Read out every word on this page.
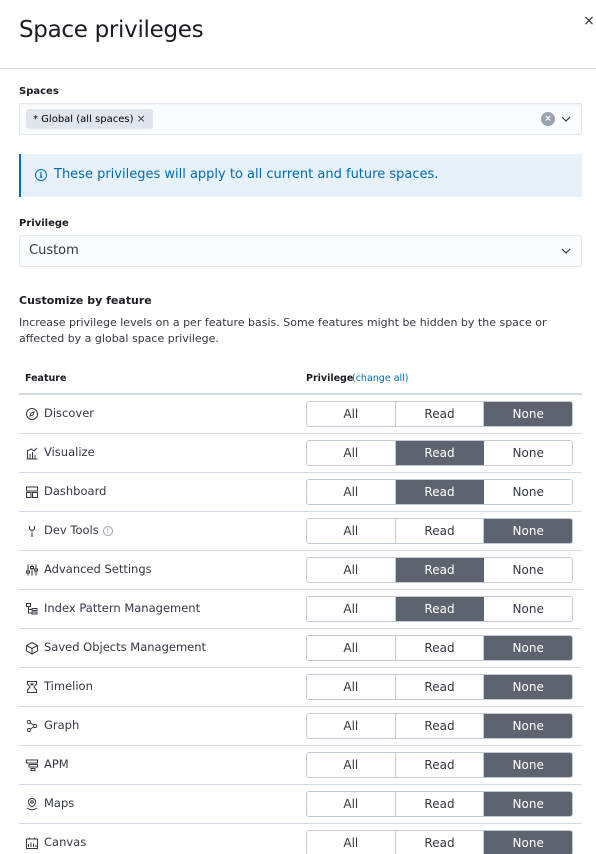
Space privileges	×
Spaces
* Global (all spaces) ×	×
i These privileges will apply to all current and future spaces.
Privilege
Custom
Customize by feature
Increase privilege levels on a per feature basis. Some features might be hidden by the space or affected by a global space privilege.
Feature	Privilege
(change all)
Discover	All	Read	None
Visualize	All	Read	None
Dashboard	All	Read	None
Dev Tools i	All	Read	None
Advanced Settings	All	Read	None
Index Pattern Management	All	Read	None
Saved Objects Management	All	Read	None
Timelion	All	Read	None
Graph	All	Read	None
APM	All	Read	None
Maps	All	Read	None
Canvas	All	Read	None
